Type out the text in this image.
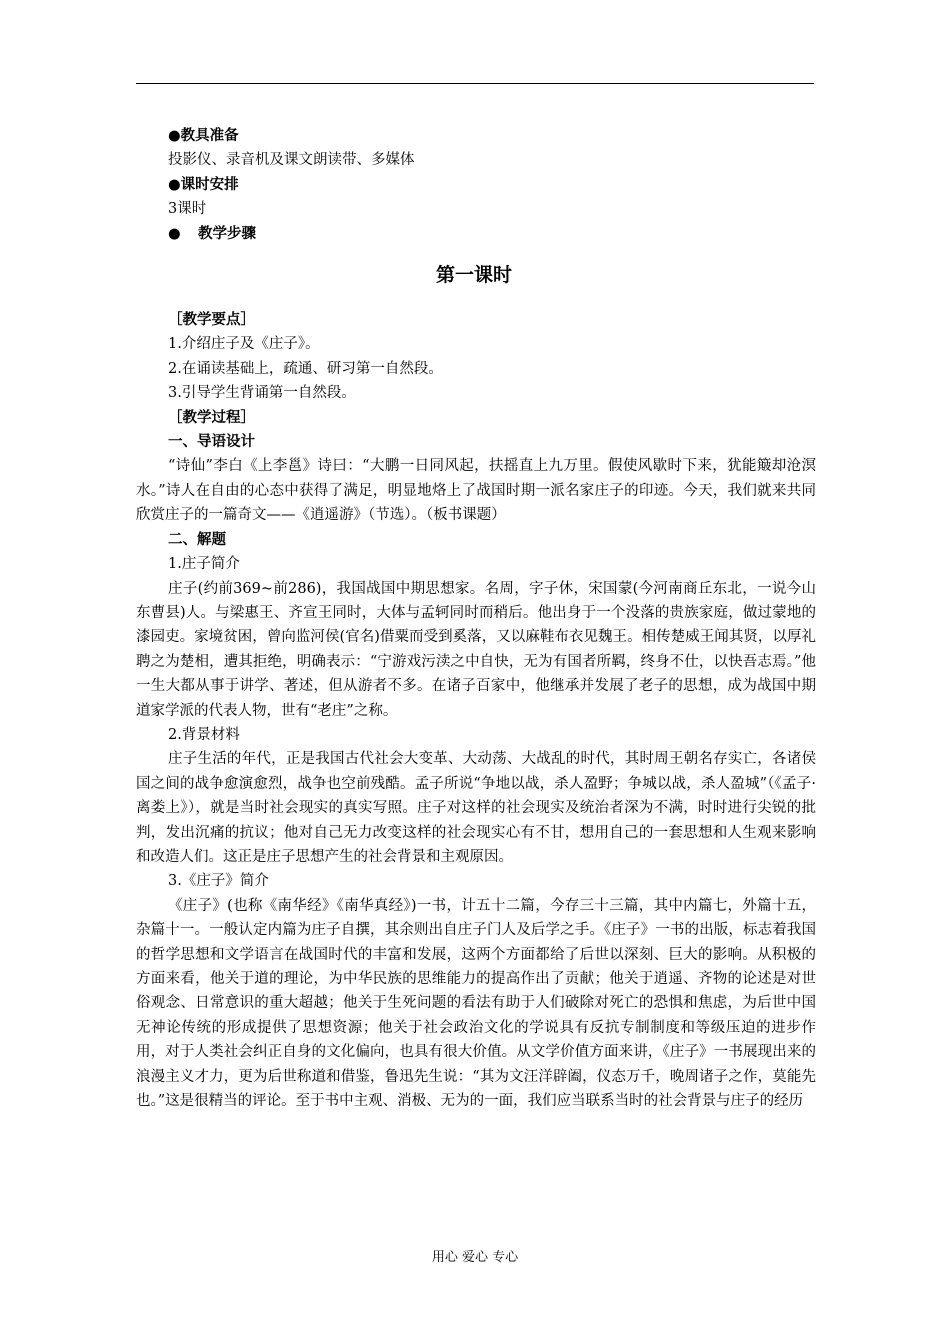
●教具准备

投影仪、录音机及课文朗读带、多媒体

●课时安排

3课时

● 教学步骤

第一课时

［教学要点］

1.介绍庄子及《庄子》。

2.在诵读基础上，疏通、研习第一自然段。

3.引导学生背诵第一自然段。

［教学过程］

一、导语设计

“诗仙”李白《上李邕》诗曰：“大鹏一日同风起，扶摇直上九万里。假使风歇时下来，犹能簸却沧溟水。”诗人在自由的心态中获得了满足，明显地烙上了战国时期一派名家庄子的印迹。今天，我们就来共同欣赏庄子的一篇奇文——《逍遥游》（节选）。（板书课题）

二、解题

1.庄子简介

庄子(约前369~前286)，我国战国中期思想家。名周，字子休，宋国蒙(今河南商丘东北，一说今山东曹县)人。与梁惠王、齐宣王同时，大体与孟轲同时而稍后。他出身于一个没落的贵族家庭，做过蒙地的漆园吏。家境贫困，曾向监河侯(官名)借粟而受到奚落，又以麻鞋布衣见魏王。相传楚威王闻其贤，以厚礼聘之为楚相，遭其拒绝，明确表示：“宁游戏污渎之中自快，无为有国者所羁，终身不仕，以快吾志焉。”他一生大都从事于讲学、著述，但从游者不多。在诸子百家中，他继承并发展了老子的思想，成为战国中期道家学派的代表人物，世有“老庄”之称。

2.背景材料

庄子生活的年代，正是我国古代社会大变革、大动荡、大战乱的时代，其时周王朝名存实亡，各诸侯国之间的战争愈演愈烈，战争也空前残酷。孟子所说“争地以战，杀人盈野；争城以战，杀人盈城”（《孟子·离娄上》），就是当时社会现实的真实写照。庄子对这样的社会现实及统治者深为不满，时时进行尖锐的批判，发出沉痛的抗议；他对自己无力改变这样的社会现实心有不甘，想用自己的一套思想和人生观来影响和改造人们。这正是庄子思想产生的社会背景和主观原因。

3.《庄子》简介

《庄子》(也称《南华经》《南华真经》)一书，计五十二篇，今存三十三篇，其中内篇七，外篇十五，杂篇十一。一般认定内篇为庄子自撰，其余则出自庄子门人及后学之手。《庄子》一书的出版，标志着我国的哲学思想和文学语言在战国时代的丰富和发展，这两个方面都给了后世以深刻、巨大的影响。从积极的方面来看，他关于道的理论，为中华民族的思维能力的提高作出了贡献；他关于逍遥、齐物的论述是对世俗观念、日常意识的重大超越；他关于生死问题的看法有助于人们破除对死亡的恐惧和焦虑，为后世中国无神论传统的形成提供了思想资源；他关于社会政治文化的学说具有反抗专制制度和等级压迫的进步作用，对于人类社会纠正自身的文化偏向，也具有很大价值。从文学价值方面来讲，《庄子》一书展现出来的浪漫主义才力，更为后世称道和借鉴，鲁迅先生说：“其为文汪洋辟阖，仪态万千，晚周诸子之作，莫能先也。”这是很精当的评论。至于书中主观、消极、无为的一面，我们应当联系当时的社会背景与庄子的经历

用心 爱心 专心
